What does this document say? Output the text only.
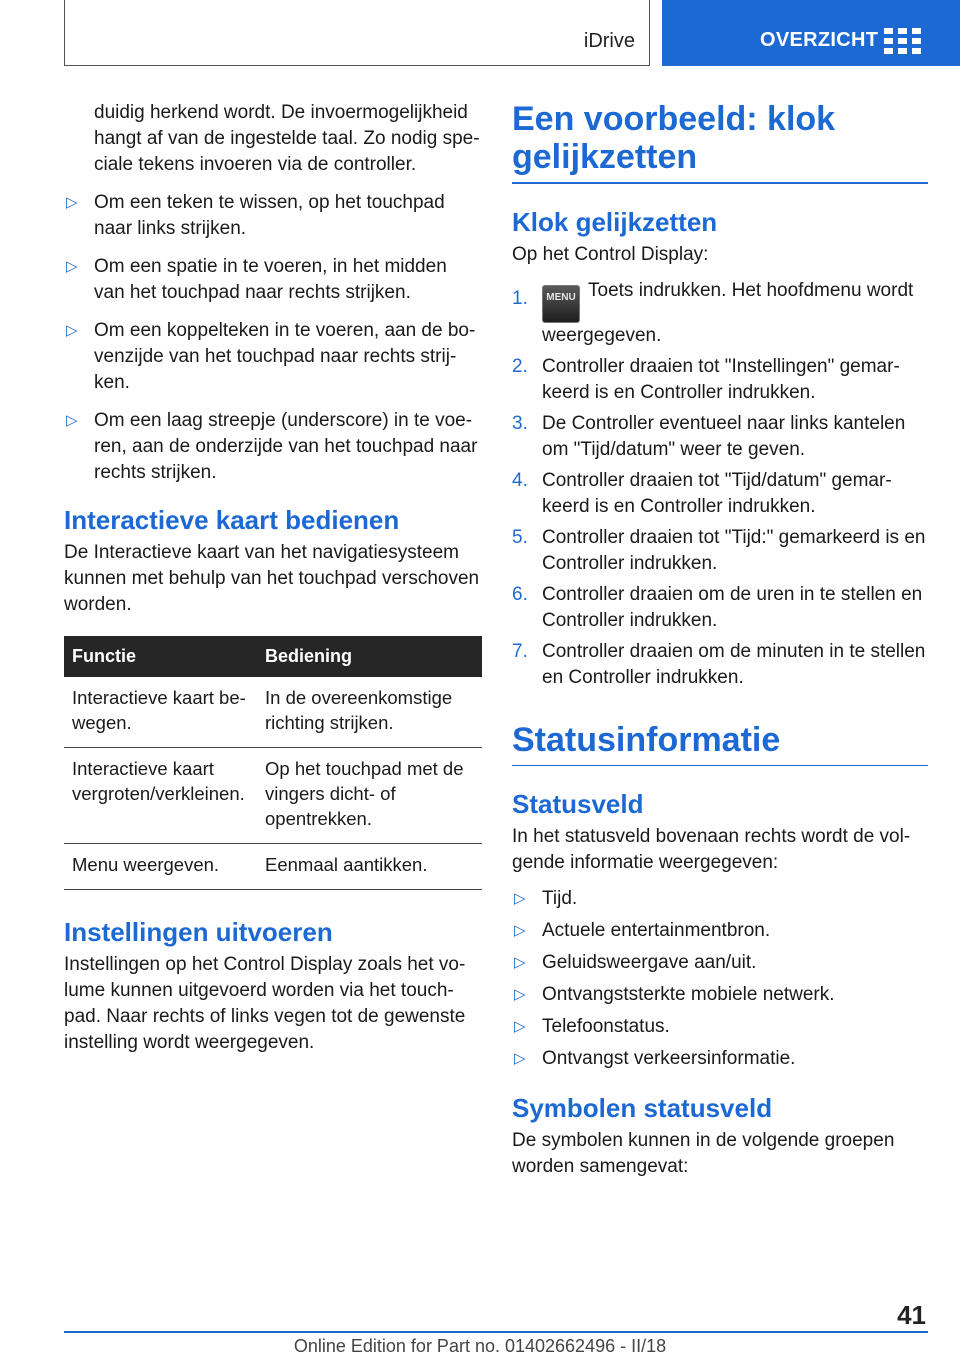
iDrive	OVERZICHT

duidig herkend wordt. De invoermogelijkheid hangt af van de ingestelde taal. Zo nodig speciale tekens invoeren via de controller.

▷ Om een teken te wissen, op het touchpad naar links strijken.
▷ Om een spatie in te voeren, in het midden van het touchpad naar rechts strijken.
▷ Om een koppelteken in te voeren, aan de bovenzijde van het touchpad naar rechts strijken.
▷ Om een laag streepje (underscore) in te voeren, aan de onderzijde van het touchpad naar rechts strijken.
Interactieve kaart bedienen

De Interactieve kaart van het navigatiesysteem kunnen met behulp van het touchpad verschoven worden.

Functie	Bediening
Interactieve kaart bewegen.	In de overeenkomstige richting strijken.
Interactieve kaart vergroten/verkleinen.	Op het touchpad met de vingers dicht- of opentrekken.
Menu weergeven.	Eenmaal aantikken.
Instellingen uitvoeren

Instellingen op het Control Display zoals het volume kunnen uitgevoerd worden via het touchpad. Naar rechts of links vegen tot de gewenste instelling wordt weergegeven.

Een voorbeeld: klok gelijkzetten
Klok gelijkzetten

Op het Control Display:

1. MENU Toets indrukken. Het hoofdmenu wordt weergegeven.
2. Controller draaien tot "Instellingen" gemarkeerd is en Controller indrukken.
3. De Controller eventueel naar links kantelen om "Tijd/datum" weer te geven.
4. Controller draaien tot "Tijd/datum" gemarkeerd is en Controller indrukken.
5. Controller draaien tot "Tijd:" gemarkeerd is en Controller indrukken.
6. Controller draaien om de uren in te stellen en Controller indrukken.
7. Controller draaien om de minuten in te stellen en Controller indrukken.
Statusinformatie
Statusveld

In het statusveld bovenaan rechts wordt de volgende informatie weergegeven:

▷ Tijd.
▷ Actuele entertainmentbron.
▷ Geluidsweergave aan/uit.
▷ Ontvangststerkte mobiele netwerk.
▷ Telefoonstatus.
▷ Ontvangst verkeersinformatie.
Symbolen statusveld

De symbolen kunnen in de volgende groepen worden samengevat:

41
Online Edition for Part no. 01402662496 - II/18
